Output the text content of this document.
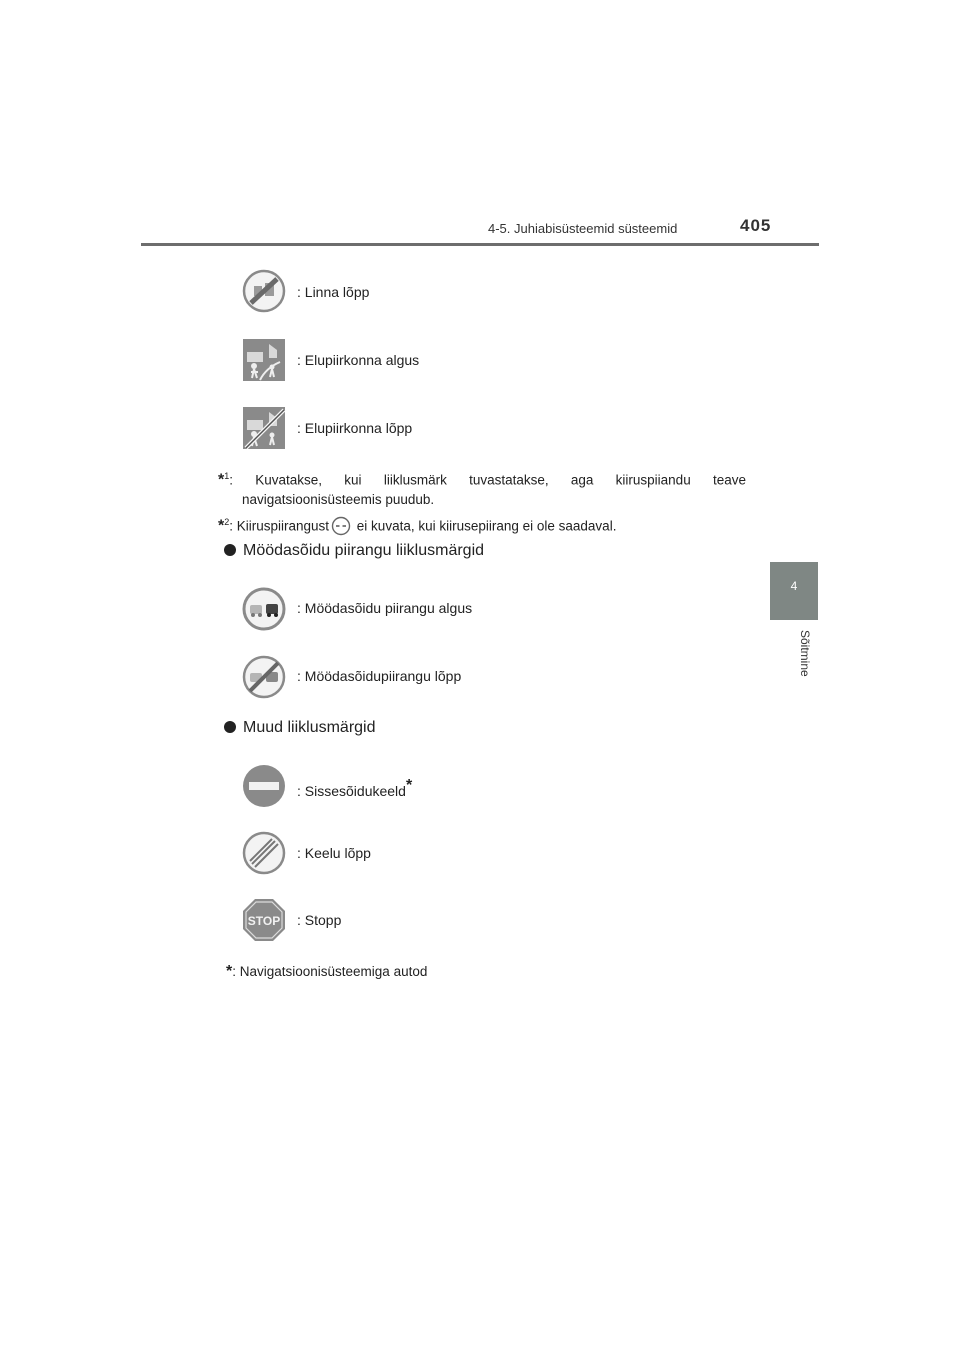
4-5. Juhiabisüsteemid süsteemid	405
4
Sõitmine
: Linna lõpp
: Elupiirkonna algus
: Elupiirkonna lõpp
*$^1$: Kuvatakse, kui liiklusmärk tuvastatakse, aga kiiruspiiandu teave
navigatsioonisüsteemis puudub.
*$^2$: Kiiruspiirangust
ei kuvata, kui kiirusepiirang ei ole saadaval.
Möödasõidu piirangu liiklusmärgid
: Möödasõidu piirangu algus
: Möödasõidupiirangu lõpp
Muud liiklusmärgid
: Sissesõidukeeld*
: Keelu lõpp
STOP : Stopp
*: Navigatsioonisüsteemiga autod
